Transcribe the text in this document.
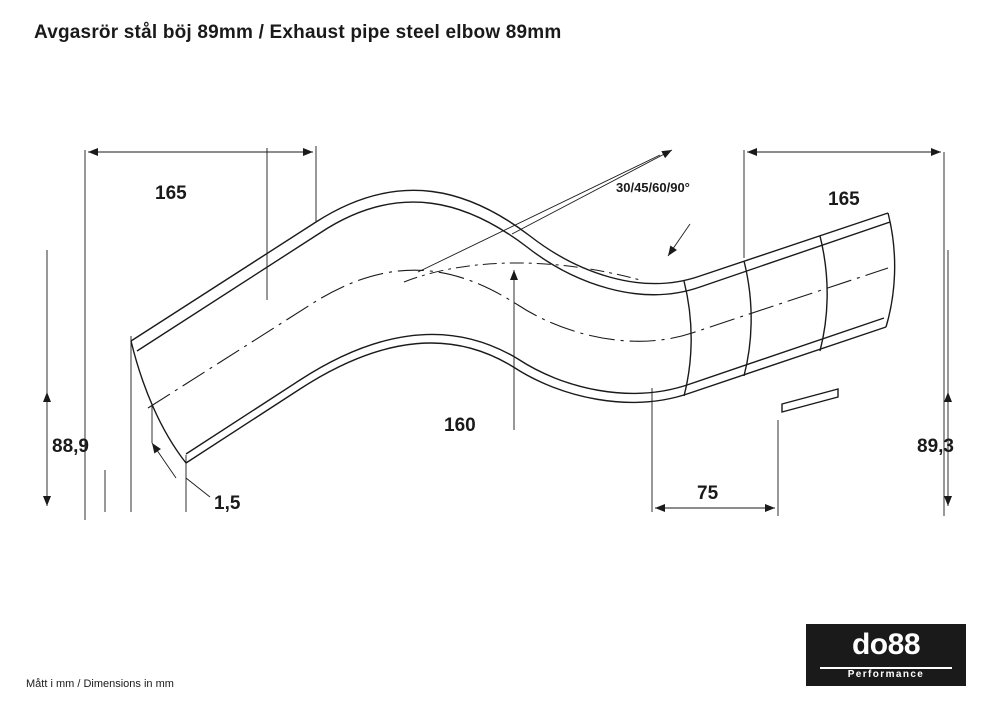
Avgasrör stål böj 89mm / Exhaust pipe steel elbow 89mm
165	165
30/45/60/90°
88,9
1,5
160
75
89,3
Mått i mm / Dimensions in mm
do88
Performance
